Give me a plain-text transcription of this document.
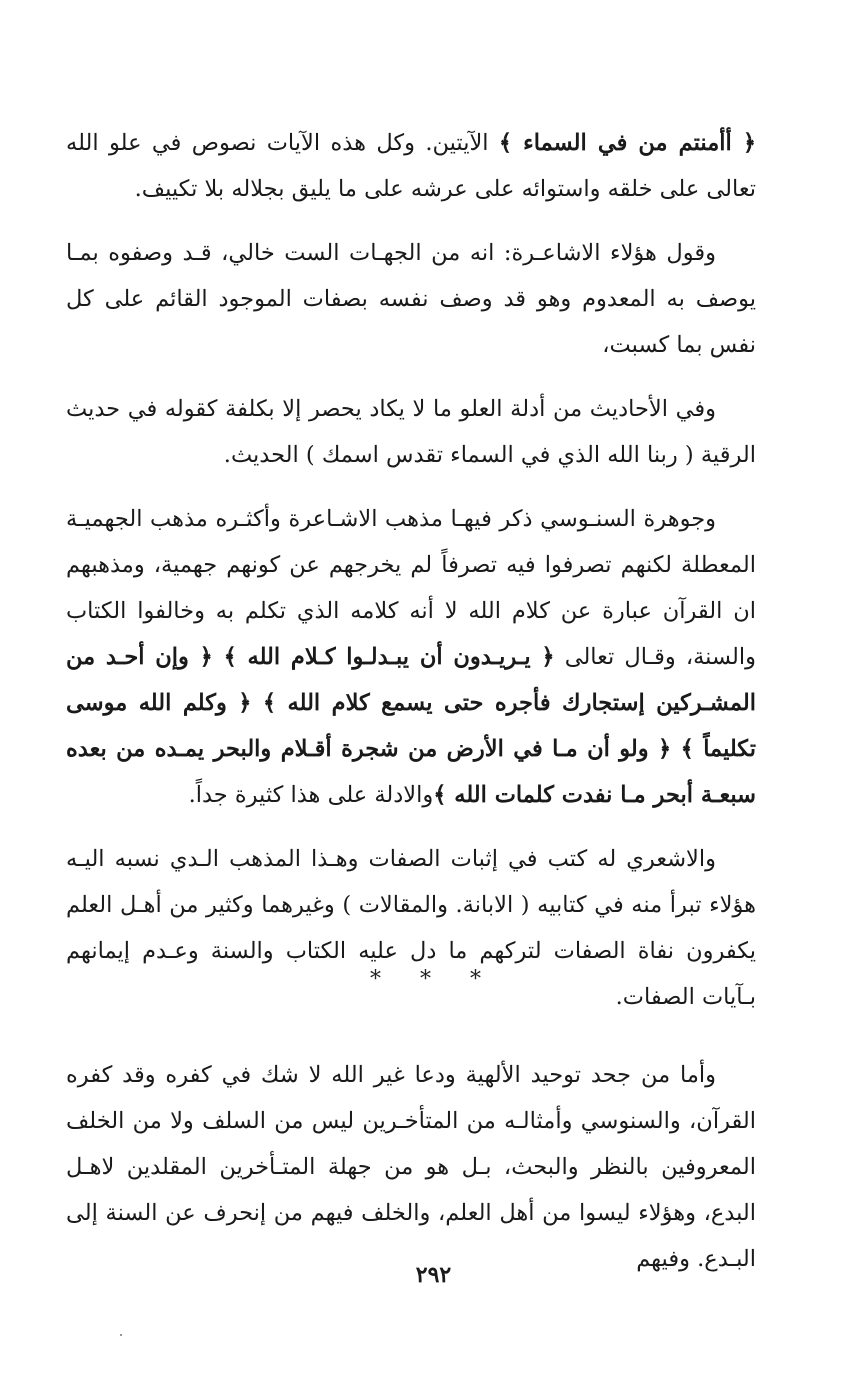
﴿ أأمنتم من في السماء ﴾ الآيتين. وكل هذه الآيات نصوص في علو الله تعالى على خلقه واستوائه على عرشه على ما يليق بجلاله بلا تكييف.

وقول هؤلاء الاشاعـرة: انه من الجهـات الست خالي، قـد وصفوه بمـا يوصف به المعدوم وهو قد وصف نفسه بصفات الموجود القائم على كل نفس بما كسبت،

وفي الأحاديث من أدلة العلو ما لا يكاد يحصر إلا بكلفة كقوله في حديث الرقية ( ربنا الله الذي في السماء تقدس اسمك ) الحديث.

وجوهرة السنـوسي ذكر فيهـا مذهب الاشـاعرة وأكثـره مذهب الجهميـة المعطلة لكنهم تصرفوا فيه تصرفاً لم يخرجهم عن كونهم جهمية، ومذهبهم ان القرآن عبارة عن كلام الله لا أنه كلامه الذي تكلم به وخالفوا الكتاب والسنة، وقـال تعالى ﴿ يـريـدون أن يبـدلـوا كـلام الله ﴾ ﴿ وإن أحـد من المشـركين إستجارك فأجره حتى يسمع كلام الله ﴾ ﴿ وكلم الله موسى تكليماً ﴾ ﴿ ولو أن مـا في الأرض من شجرة أقـلام والبحر يمـده من بعده سبعـة أبحر مـا نفدت كلمات الله ﴾والادلة على هذا كثيرة جداً.

والاشعري له كتب في إثبات الصفات وهـذا المذهب الـدي نسبه اليـه هؤلاء تبرأ منه في كتابيه ( الابانة. والمقالات ) وغيرهما وكثير من أهـل العلم يكفرون نفاة الصفات لتركهم ما دل عليه الكتاب والسنة وعـدم إيمانهم بـآيات الصفات.

* * *

وأما من جحد توحيد الألهية ودعا غير الله لا شك في كفره وقد كفره القرآن، والسنوسي وأمثالـه من المتأخـرين ليس من السلف ولا من الخلف المعروفين بالنظر والبحث، بـل هو من جهلة المتـأخرين المقلدين لاهـل البدع، وهؤلاء ليسوا من أهل العلم، والخلف فيهم من إنحرف عن السنة إلى البـدع. وفيهم

٢٩٢
